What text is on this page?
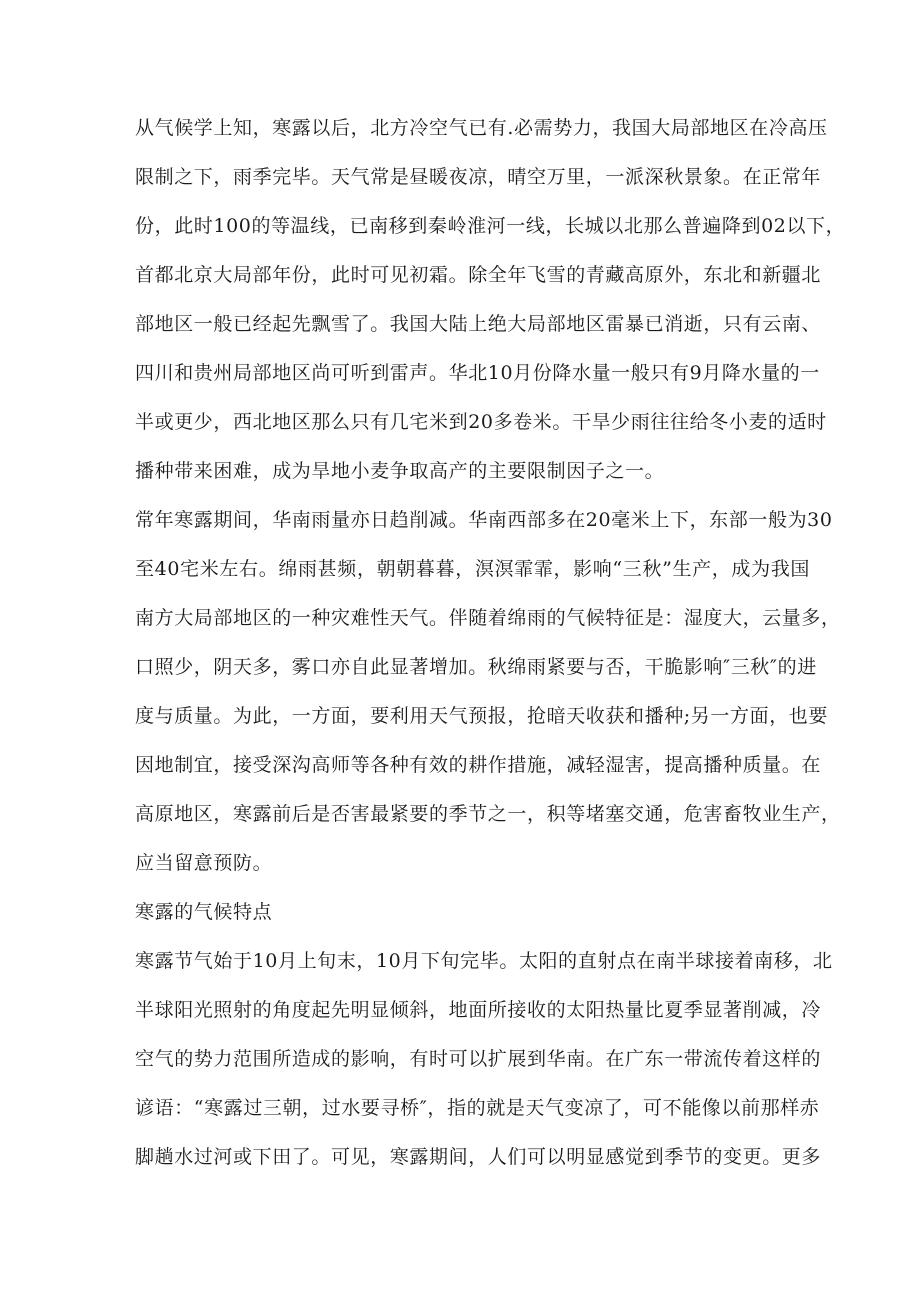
从气候学上知，寒露以后，北方冷空气已有.必需势力，我国大局部地区在冷高压
限制之下，雨季完毕。天气常是昼暖夜凉，晴空万里，一派深秋景象。在正常年
份，此时100的等温线，已南移到秦岭淮河一线，长城以北那么普遍降到02以下，
首都北京大局部年份，此时可见初霜。除全年飞雪的青藏高原外，东北和新疆北
部地区一般已经起先飘雪了。我国大陆上绝大局部地区雷暴已消逝，只有云南、
四川和贵州局部地区尚可听到雷声。华北10月份降水量一般只有9月降水量的一
半或更少，西北地区那么只有几宅米到20多卷米。干旱少雨往往给冬小麦的适时
播种带来困难，成为旱地小麦争取高产的主要限制因子之一。
常年寒露期间，华南雨量亦日趋削减。华南西部多在20毫米上下，东部一般为30
至40宅米左右。绵雨甚频，朝朝暮暮，溟溟霏霏，影响“三秋”生产，成为我国
南方大局部地区的一种灾难性天气。伴随着绵雨的气候特征是：湿度大，云量多，
口照少，阴天多，雾口亦自此显著增加。秋绵雨紧要与否，干脆影响″三秋″的进
度与质量。为此，一方面，要利用天气预报，抢暗天收获和播种;另一方面，也要
因地制宜，接受深沟高师等各种有效的耕作措施，减轻湿害，提高播种质量。在
高原地区，寒露前后是否害最紧要的季节之一，积等堵塞交通，危害畜牧业生产，
应当留意预防。
寒露的气候特点
寒露节气始于10月上旬末，10月下旬完毕。太阳的直射点在南半球接着南移，北
半球阳光照射的角度起先明显倾斜，地面所接收的太阳热量比夏季显著削减，冷
空气的势力范围所造成的影响，有时可以扩展到华南。在广东一带流传着这样的
谚语：“寒露过三朝，过水要寻桥″，指的就是天气变凉了，可不能像以前那样赤
脚趟水过河或下田了。可见，寒露期间，人们可以明显感觉到季节的变更。更多
